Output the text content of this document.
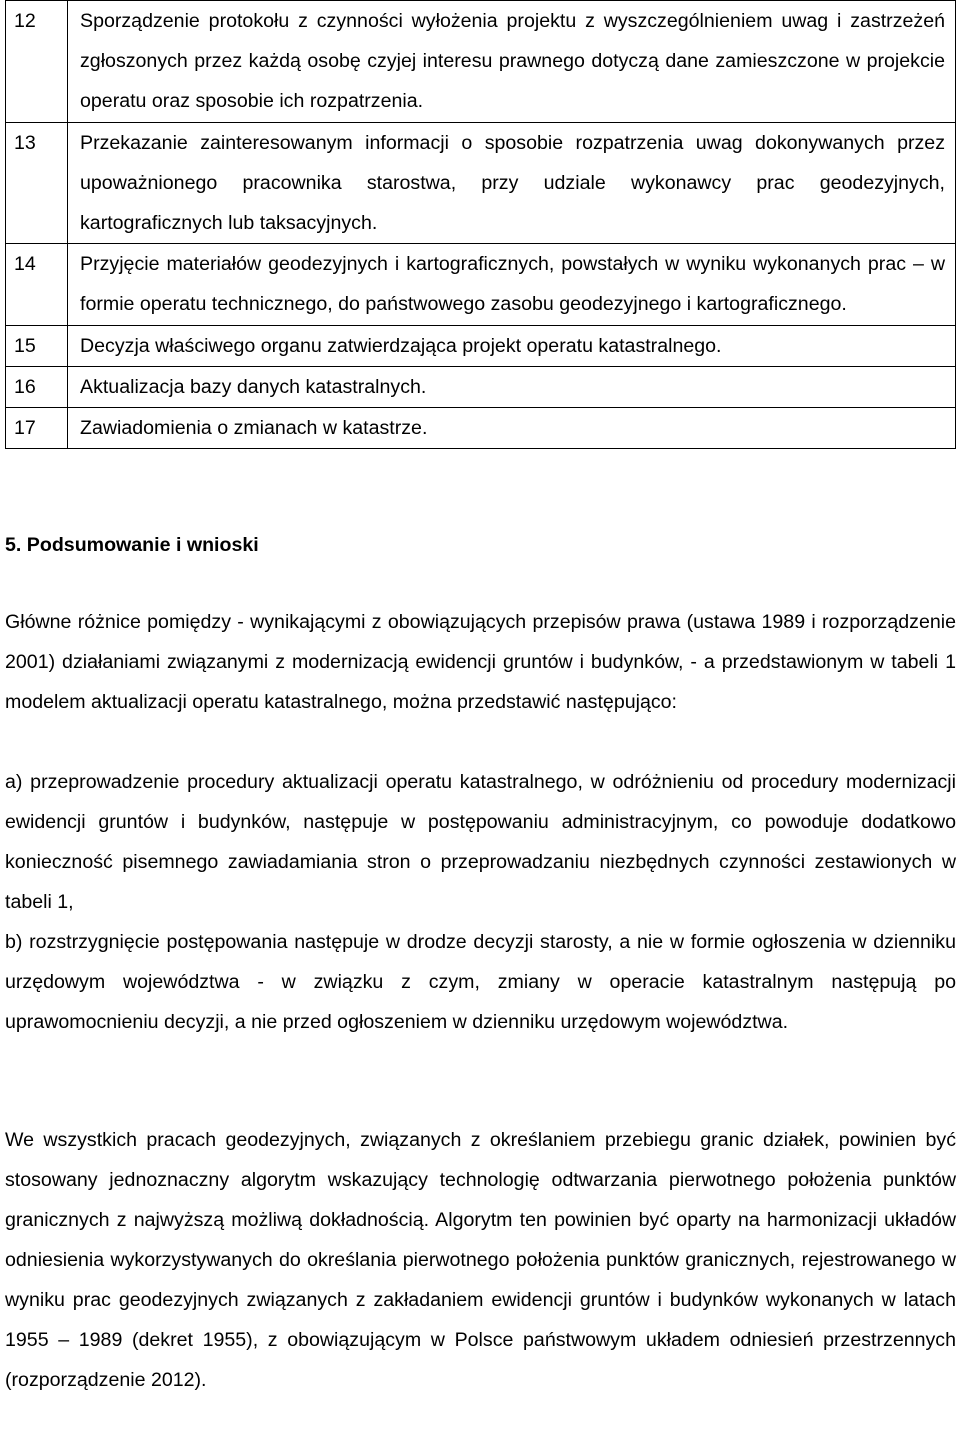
12	Sporządzenie protokołu z czynności wyłożenia projektu z wyszczególnieniem uwag i zastrzeżeń zgłoszonych przez każdą osobę czyjej interesu prawnego dotyczą dane zamieszczone w projekcie operatu oraz sposobie ich rozpatrzenia.
13	Przekazanie zainteresowanym informacji o sposobie rozpatrzenia uwag dokonywanych przez upoważnionego pracownika starostwa, przy udziale wykonawcy prac geodezyjnych, kartograficznych lub taksacyjnych.
14	Przyjęcie materiałów geodezyjnych i kartograficznych, powstałych w wyniku wykonanych prac – w formie operatu technicznego, do państwowego zasobu geodezyjnego i kartograficznego.
15	Decyzja właściwego organu zatwierdzająca projekt operatu katastralnego.
16	Aktualizacja bazy danych katastralnych.
17	Zawiadomienia o zmianach w katastrze.
5. Podsumowanie i wnioski

Główne różnice pomiędzy - wynikającymi z obowiązujących przepisów prawa (ustawa 1989 i rozporządzenie 2001) działaniami związanymi z modernizacją ewidencji gruntów i budynków, - a przedstawionym w tabeli 1 modelem aktualizacji operatu katastralnego, można przedstawić następująco:

a) przeprowadzenie procedury aktualizacji operatu katastralnego, w odróżnieniu od procedury modernizacji ewidencji gruntów i budynków, następuje w postępowaniu administracyjnym, co powoduje dodatkowo konieczność pisemnego zawiadamiania stron o przeprowadzaniu niezbędnych czynności zestawionych w tabeli 1,

b) rozstrzygnięcie postępowania następuje w drodze decyzji starosty, a nie w formie ogłoszenia w dzienniku urzędowym województwa - w związku z czym, zmiany w operacie katastralnym następują po uprawomocnieniu decyzji, a nie przed ogłoszeniem w dzienniku urzędowym województwa.

We wszystkich pracach geodezyjnych, związanych z określaniem przebiegu granic działek, powinien być stosowany jednoznaczny algorytm wskazujący technologię odtwarzania pierwotnego położenia punktów granicznych z najwyższą możliwą dokładnością. Algorytm ten powinien być oparty na harmonizacji układów odniesienia wykorzystywanych do określania pierwotnego położenia punktów granicznych, rejestrowanego w wyniku prac geodezyjnych związanych z zakładaniem ewidencji gruntów i budynków wykonanych w latach 1955 – 1989 (dekret 1955), z obowiązującym w Polsce państwowym układem odniesień przestrzennych (rozporządzenie 2012).
